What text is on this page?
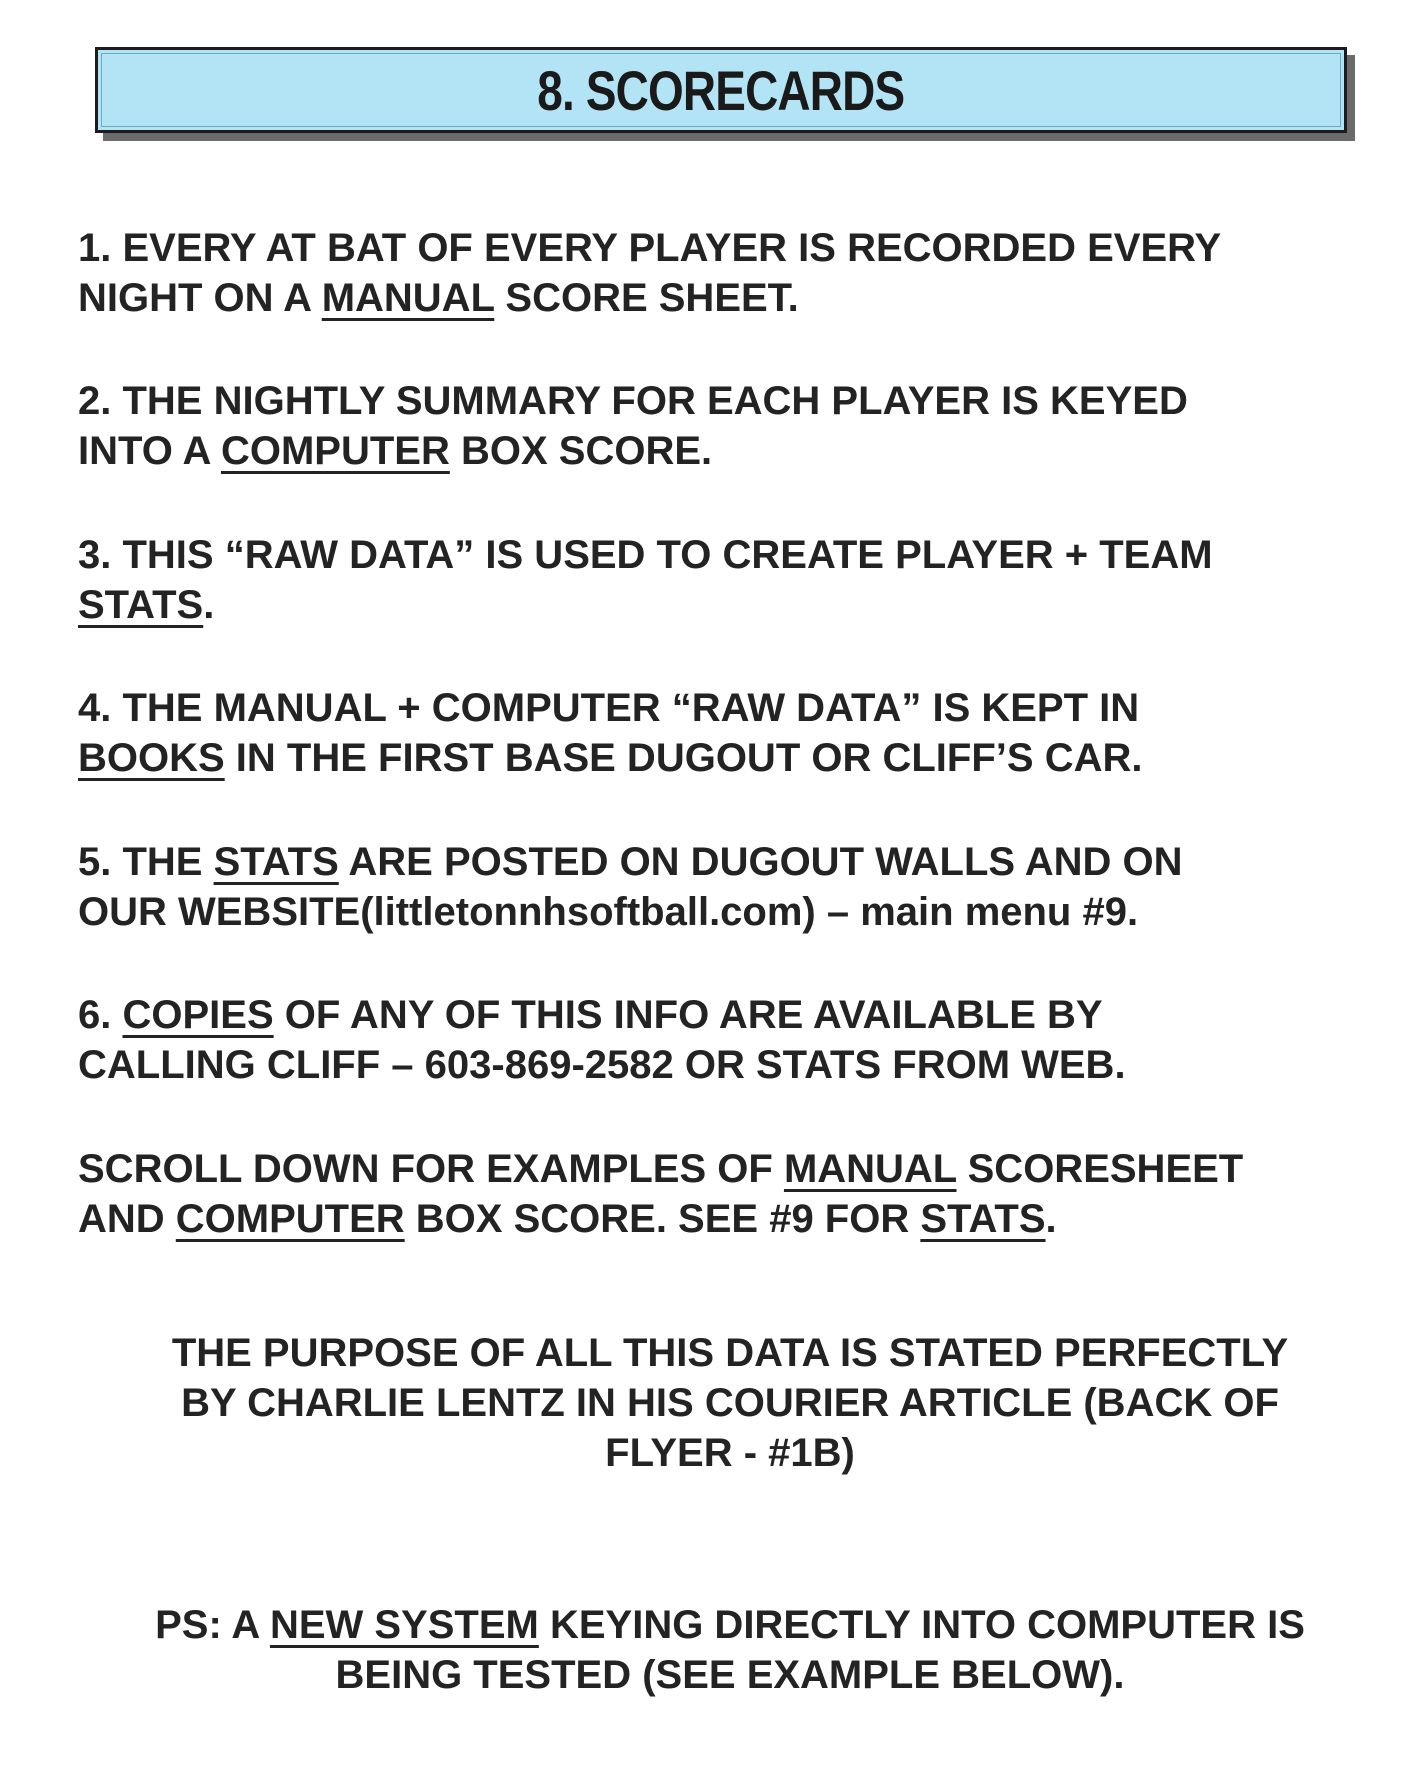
8. SCORECARDS
1. EVERY AT BAT OF EVERY PLAYER IS RECORDED EVERY
NIGHT ON A MANUAL SCORE SHEET.
2. THE NIGHTLY SUMMARY FOR EACH PLAYER IS KEYED
INTO A COMPUTER BOX SCORE.
3. THIS “RAW DATA” IS USED TO CREATE PLAYER + TEAM
STATS.
4. THE MANUAL + COMPUTER “RAW DATA” IS KEPT IN
BOOKS IN THE FIRST BASE DUGOUT OR CLIFF’S CAR.
5. THE STATS ARE POSTED ON DUGOUT WALLS AND ON
OUR WEBSITE(littletonnhsoftball.com) – main menu #9.
6. COPIES OF ANY OF THIS INFO ARE AVAILABLE BY
CALLING CLIFF – 603-869-2582 OR STATS FROM WEB.
SCROLL DOWN FOR EXAMPLES OF MANUAL SCORESHEET
AND COMPUTER BOX SCORE. SEE #9 FOR STATS.
THE PURPOSE OF ALL THIS DATA IS STATED PERFECTLY
BY CHARLIE LENTZ IN HIS COURIER ARTICLE (BACK OF
FLYER - #1B)
PS: A NEW SYSTEM KEYING DIRECTLY INTO COMPUTER IS
BEING TESTED (SEE EXAMPLE BELOW).
